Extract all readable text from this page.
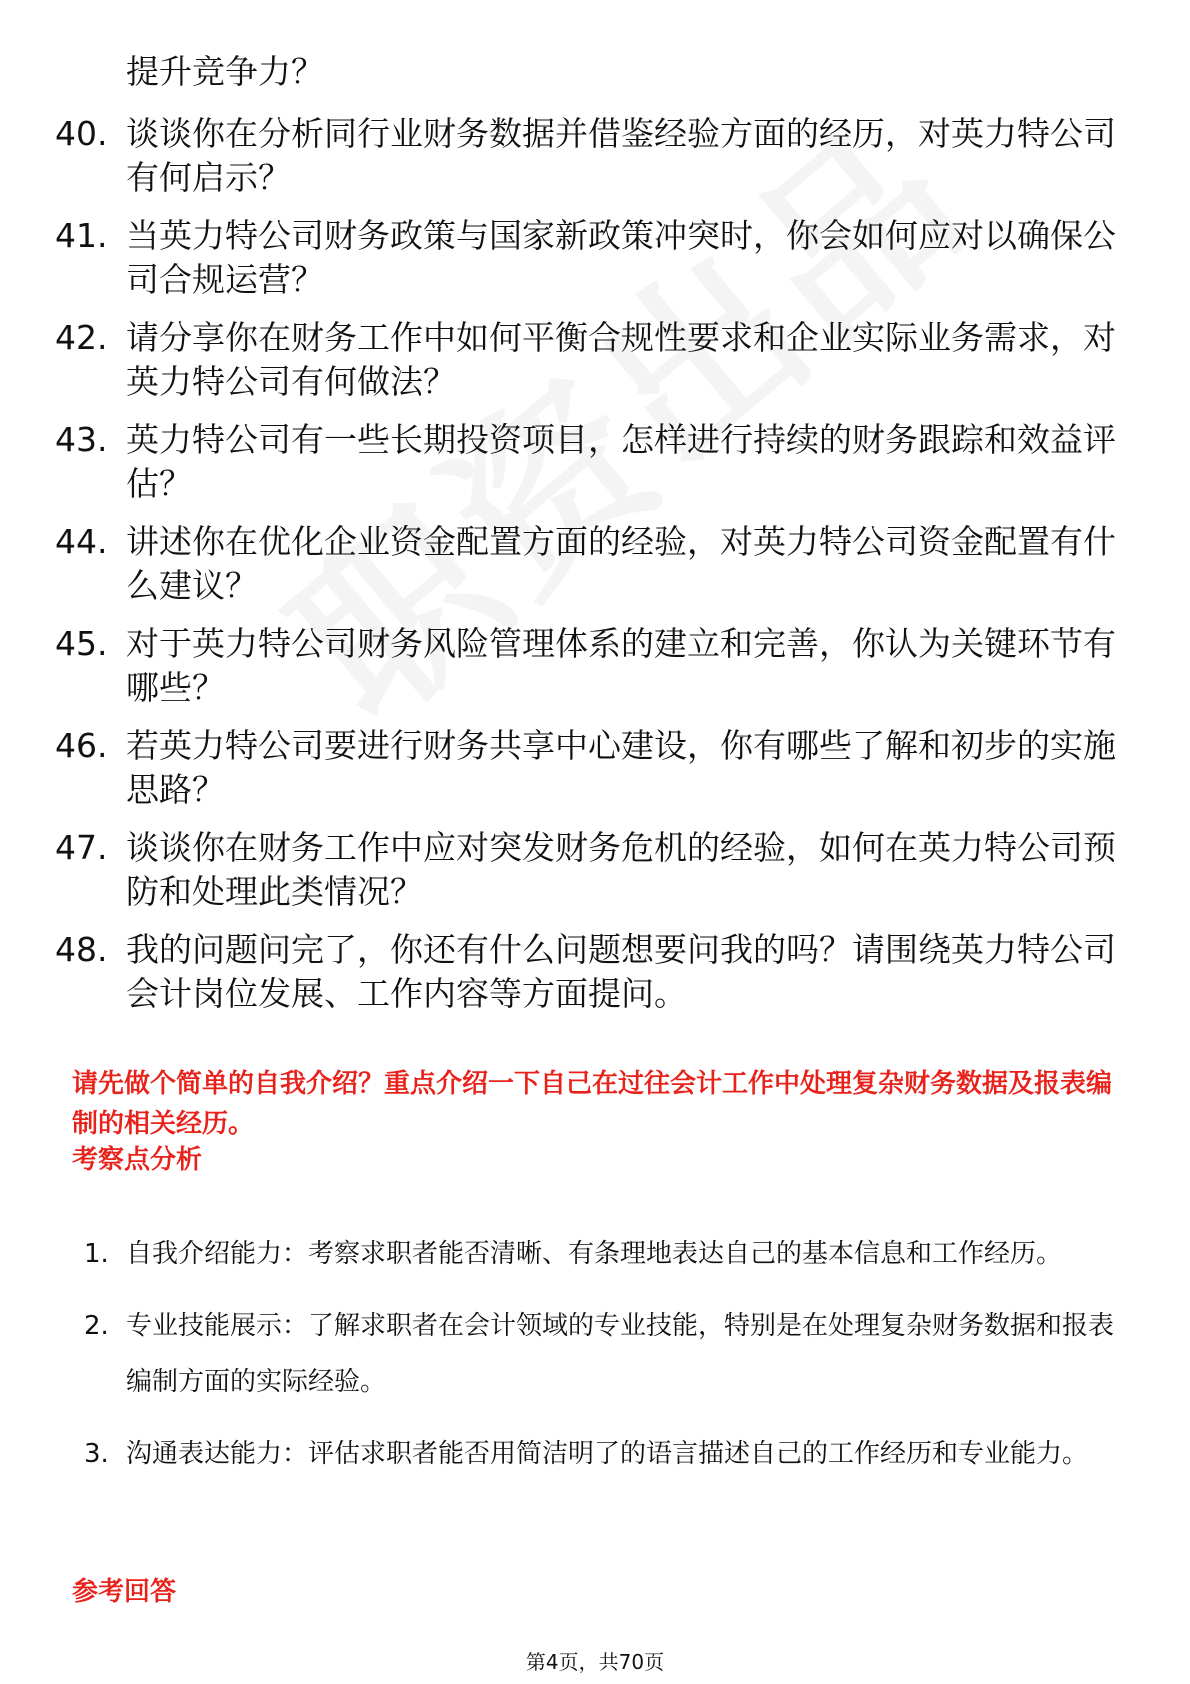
提升竞争力？
40. 谈谈你在分析同行业财务数据并借鉴经验方面的经历，对英力特公司有何启示？
41. 当英力特公司财务政策与国家新政策冲突时，你会如何应对以确保公司合规运营？
42. 请分享你在财务工作中如何平衡合规性要求和企业实际业务需求，对英力特公司有何做法？
43. 英力特公司有一些长期投资项目，怎样进行持续的财务跟踪和效益评估？
44. 讲述你在优化企业资金配置方面的经验，对英力特公司资金配置有什么建议？
45. 对于英力特公司财务风险管理体系的建立和完善，你认为关键环节有哪些？
46. 若英力特公司要进行财务共享中心建设，你有哪些了解和初步的实施思路？
47. 谈谈你在财务工作中应对突发财务危机的经验，如何在英力特公司预防和处理此类情况？
48. 我的问题问完了，你还有什么问题想要问我的吗？请围绕英力特公司会计岗位发展、工作内容等方面提问。
请先做个简单的自我介绍？重点介绍一下自己在过往会计工作中处理复杂财务数据及报表编制的相关经历。
考察点分析
1. 自我介绍能力：考察求职者能否清晰、有条理地表达自己的基本信息和工作经历。
2. 专业技能展示：了解求职者在会计领域的专业技能，特别是在处理复杂财务数据和报表编制方面的实际经验。
3. 沟通表达能力：评估求职者能否用简洁明了的语言描述自己的工作经历和专业能力。
参考回答
第4页，共70页
